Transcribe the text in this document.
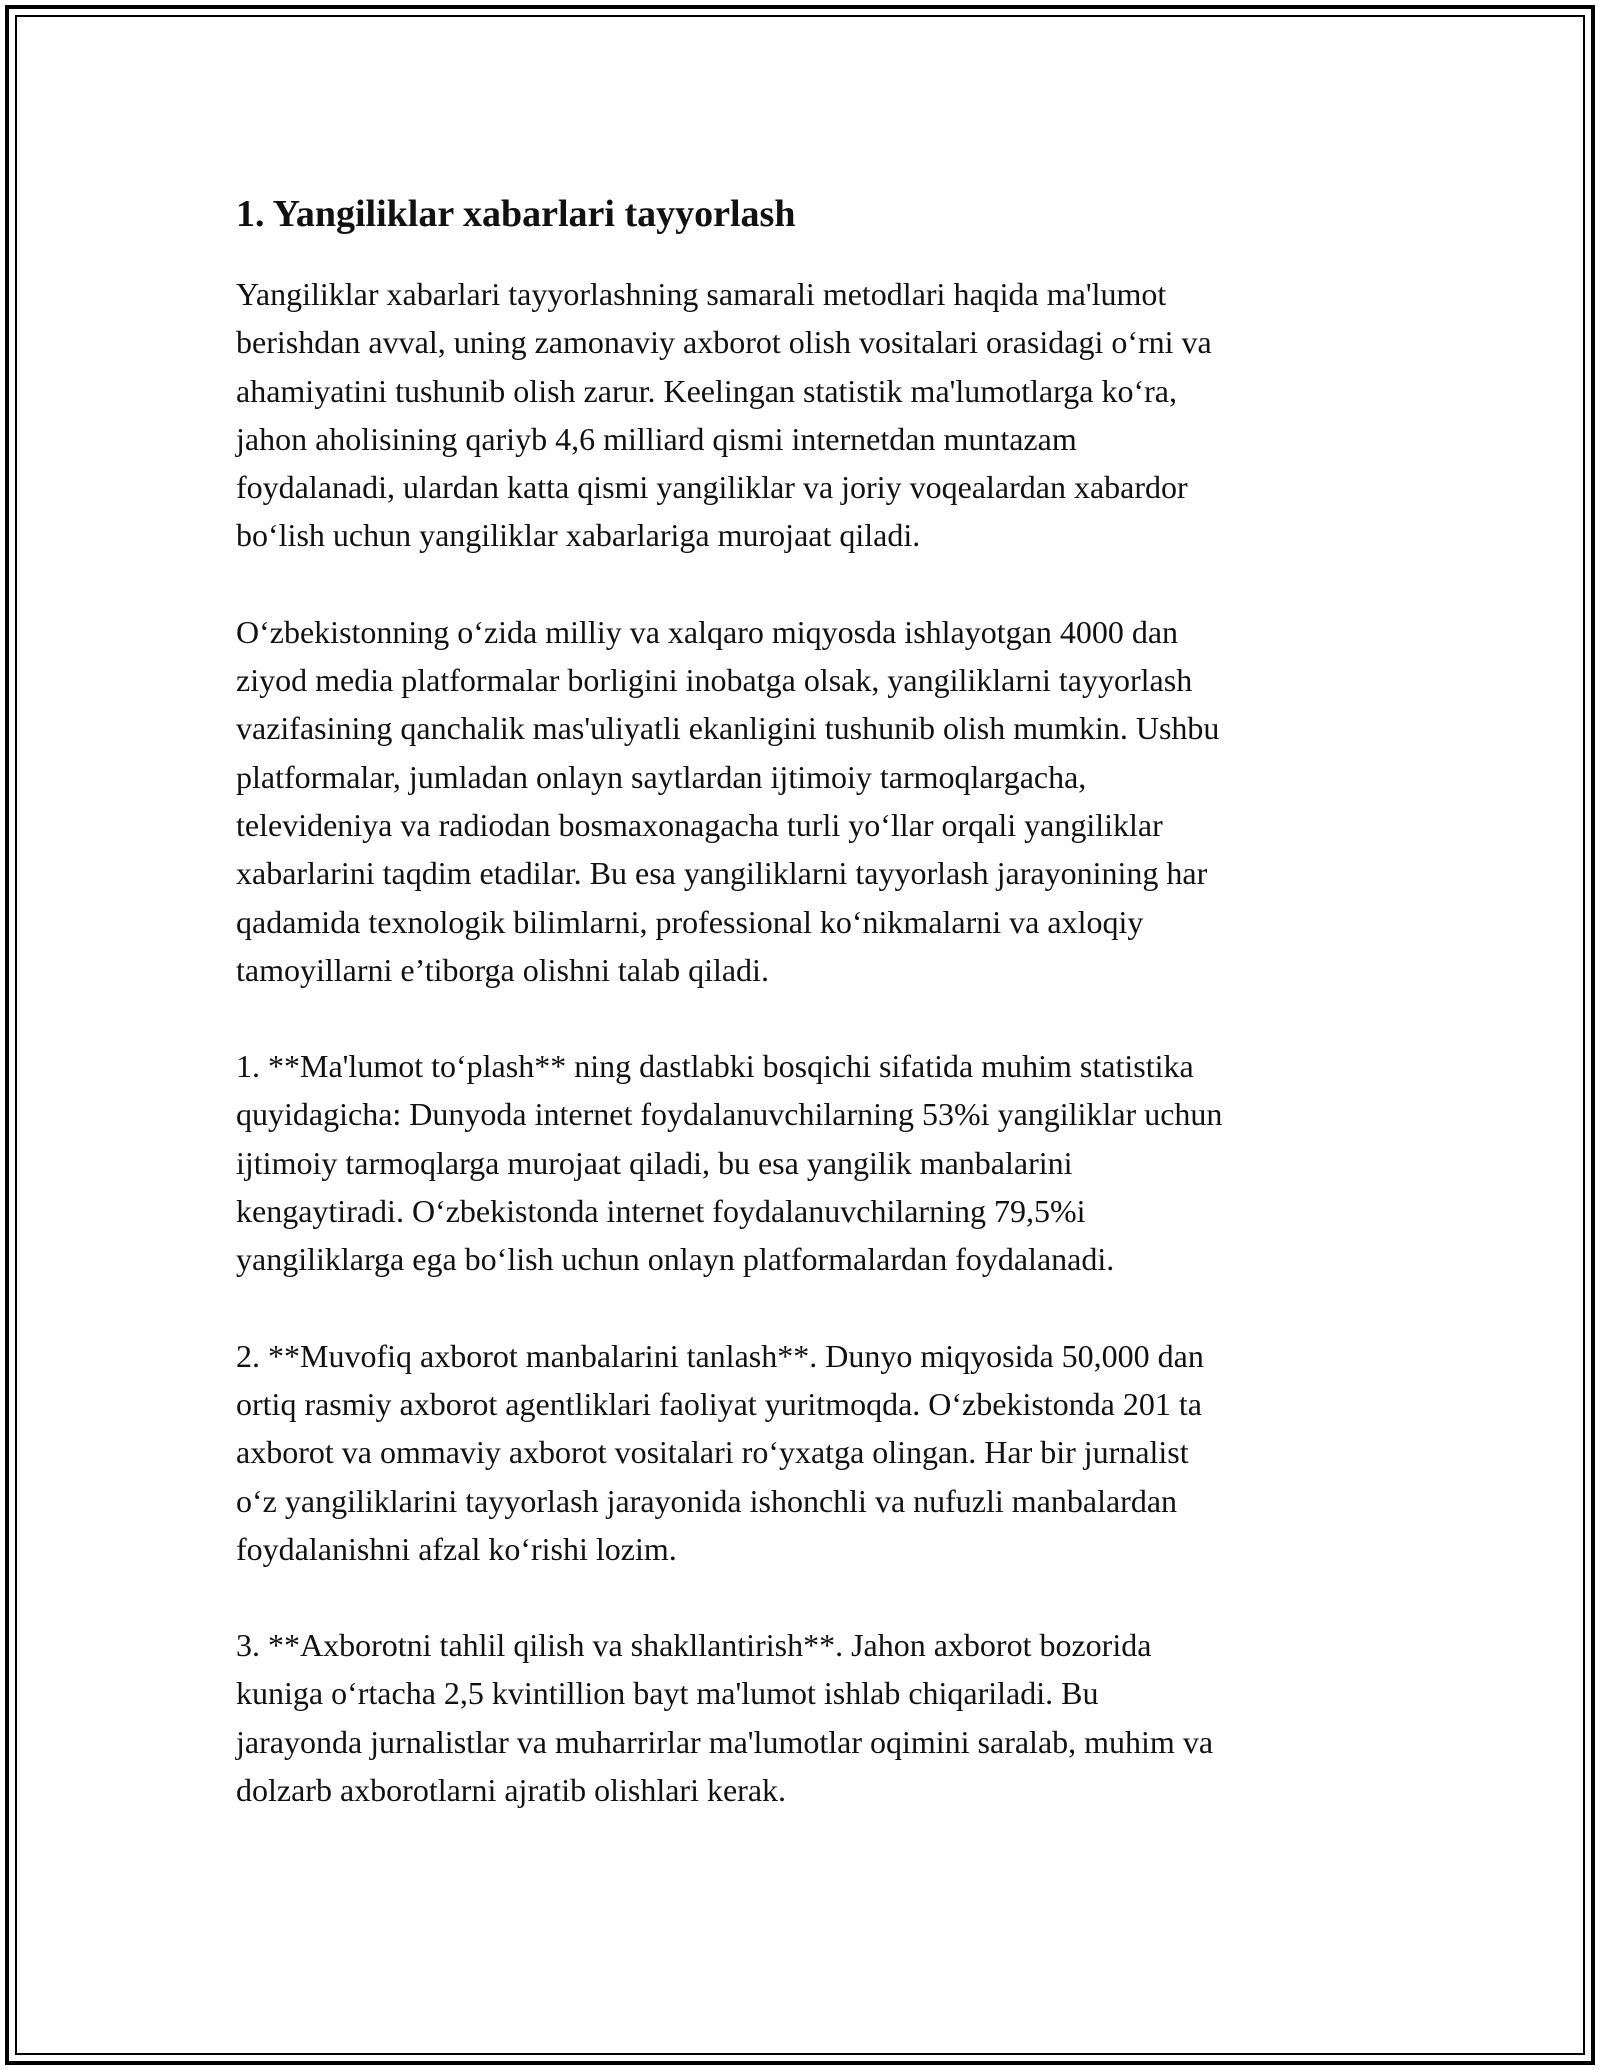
1. Yangiliklar xabarlari tayyorlash

Yangiliklar xabarlari tayyorlashning samarali metodlari haqida ma'lumot
berishdan avval, uning zamonaviy axborot olish vositalari orasidagi o‘rni va
ahamiyatini tushunib olish zarur. Keelingan statistik ma'lumotlarga ko‘ra,
jahon aholisining qariyb 4,6 milliard qismi internetdan muntazam
foydalanadi, ulardan katta qismi yangiliklar va joriy voqealardan xabardor
bo‘lish uchun yangiliklar xabarlariga murojaat qiladi.

O‘zbekistonning o‘zida milliy va xalqaro miqyosda ishlayotgan 4000 dan
ziyod media platformalar borligini inobatga olsak, yangiliklarni tayyorlash
vazifasining qanchalik mas'uliyatli ekanligini tushunib olish mumkin. Ushbu
platformalar, jumladan onlayn saytlardan ijtimoiy tarmoqlargacha,
televideniya va radiodan bosmaxonagacha turli yo‘llar orqali yangiliklar
xabarlarini taqdim etadilar. Bu esa yangiliklarni tayyorlash jarayonining har
qadamida texnologik bilimlarni, professional ko‘nikmalarni va axloqiy
tamoyillarni e’tiborga olishni talab qiladi.

1. **Ma'lumot to‘plash** ning dastlabki bosqichi sifatida muhim statistika
quyidagicha: Dunyoda internet foydalanuvchilarning 53%i yangiliklar uchun
ijtimoiy tarmoqlarga murojaat qiladi, bu esa yangilik manbalarini
kengaytiradi. O‘zbekistonda internet foydalanuvchilarning 79,5%i
yangiliklarga ega bo‘lish uchun onlayn platformalardan foydalanadi.

2. **Muvofiq axborot manbalarini tanlash**. Dunyo miqyosida 50,000 dan
ortiq rasmiy axborot agentliklari faoliyat yuritmoqda. O‘zbekistonda 201 ta
axborot va ommaviy axborot vositalari ro‘yxatga olingan. Har bir jurnalist
o‘z yangiliklarini tayyorlash jarayonida ishonchli va nufuzli manbalardan
foydalanishni afzal ko‘rishi lozim.

3. **Axborotni tahlil qilish va shakllantirish**. Jahon axborot bozorida
kuniga o‘rtacha 2,5 kvintillion bayt ma'lumot ishlab chiqariladi. Bu
jarayonda jurnalistlar va muharrirlar ma'lumotlar oqimini saralab, muhim va
dolzarb axborotlarni ajratib olishlari kerak.
